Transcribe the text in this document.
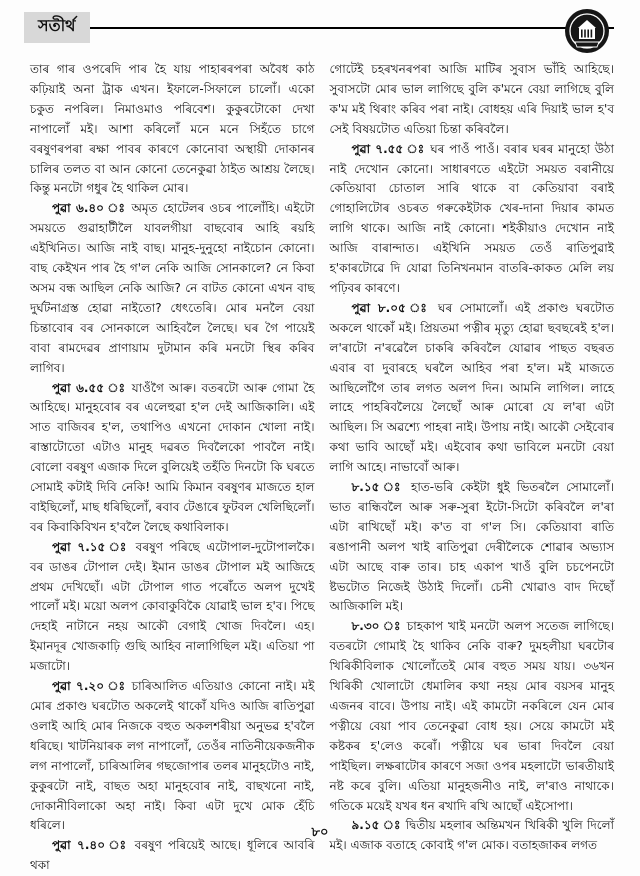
সতীৰ্থ

তাৰ গাৰ ওপৰেদি পাৰ হৈ যায় পাহাৰৰপৰা অবৈধ কাঠ কঢ়িয়াই অনা ট্ৰাক এখন। ইফালে-সিফালে চালোঁ। একো চকুত নপৰিল। নিমাওমাও পৰিবেশ। কুকুৰটোকো দেখা নাপালোঁ মই। আশা কৰিলোঁ মনে মনে সিহঁতে চাগে বৰষুণৰপৰা ৰক্ষা পাবৰ কাৰণে কোনোবা অস্থায়ী দোকানৰ চালিৰ তলত বা আন কোনো তেনেকুৱা ঠাইত আশ্ৰয় লৈছে। কিন্তু মনটো গধুৰ হৈ থাকিল মোৰ।

পুৱা ৬.৪০ ঃ অমৃত হোটেলৰ ওচৰ পালোঁহি। এইটো সময়তে গুৱাহাটীলৈ যাবলগীয়া বাছবোৰ আহি ৰয়হি এইখিনিত। আজি নাই বাছ। মানুহ-দুনুহো নাইচোন কোনো। বাছ কেইখন পাৰ হৈ গ'ল নেকি আজি সোনকালে? নে কিবা অসম বন্ধ আছিল নেকি আজি? নে বাটত কোনো এখন বাছ দুৰ্ঘটনাগ্ৰস্ত হোৱা নাইতো? ধেৎতেৰি। মোৰ মনলৈ বেয়া চিন্তাবোৰ বৰ সোনকালে আহিবলৈ লৈছে। ঘৰ গৈ পায়েই বাবা ৰামদেৱৰ প্ৰাণায়াম দুটামান কৰি মনটো স্থিৰ কৰিব লাগিব।

পুৱা ৬.৫৫ ঃ যাওঁগৈ আৰু। বতৰটো আৰু গোমা হৈ আহিছে। মানুহবোৰ বৰ এলেহুৱা হ'ল দেই আজিকালি। এই সাত বাজিবৰ হ'ল, তথাপিও এখনো দোকান খোলা নাই। ৰাস্তাটোতো এটাও মানুহ দৱৰত দিবলৈকো পাবলৈ নাই। বোলো বৰষুণ এজাক দিলে বুলিয়েই তহঁতি দিনটো কি ঘৰতে সোমাই কটাই দিবি নেকি! আমি কিমান বৰষুণৰ মাজতে হাল বাইছিলোঁ, মাছ ধৰিছিলোঁ, ৰবাব টেঙাৰে ফুটবল খেলিছিলোঁ। বৰ কিবাকিবিখন হ'বলৈ লৈছে কথাবিলাক।

পুৱা ৭.১৫ ঃ বৰষুণ পৰিছে এটোপাল-দুটোপালকৈ। বৰ ডাঙৰ টোপাল দেই। ইমান ডাঙৰ টোপাল মই আজিহে প্ৰথম দেখিছোঁ। এটা টোপাল গাত পৰোঁতে অলপ দুখেই পালোঁ মই। ময়ো অলপ কোবাকুবিকৈ যোৱাই ভাল হ'ব। পিছে দেহাই নাটানে নহয় আকৌ বেগাই খোজ দিবলৈ। এহ। ইমানদূৰ খোজকাঢ়ি গুছি আহিব নালাগিছিল মই। এতিয়া পা মজাটো।

পুৱা ৭.২০ ঃ চাৰিআলিত এতিয়াও কোনো নাই। মই মোৰ প্ৰকাণ্ড ঘৰটোত অকলেই থাকোঁ যদিও আজি ৰাতিপুৱা ওলাই আহি মোৰ নিজকে বহুত অকলশৰীয়া অনুভৱ হ'বলৈ ধৰিছে। খাটনিয়াৰক লগ নাপালোঁ, তেওঁৰ নাতিনীয়েকজনীক লগ নাপালোঁ, চাৰিআলিৰ গছজোপাৰ তলৰ মানুহটোও নাই, কুকুৰটো নাই, বাছত অহা মানুহবোৰ নাই, বাছখনো নাই, দোকানীবিলাকো অহা নাই। কিবা এটা দুখে মোক হেঁচি ধৰিলে।

পুৱা ৭.৪০ ঃ বৰষুণ পৰিয়েই আছে। ধূলিৰে আবৰি থকা

গোটেই চহৰখনৰপৰা আজি মাটিৰ সুবাস ভাঁহি আহিছে। সুবাসটো মোৰ ভাল লাগিছে বুলি ক'মনে বেয়া লাগিছে বুলি ক'ম মই থিৰাং কৰিব পৰা নাই। বোধহয় এৰি দিয়াই ভাল হ'ব সেই বিষয়টোত এতিয়া চিন্তা কৰিবলৈ।

পুৱা ৭.৫৫ ঃ ঘৰ পাওঁ পাওঁ। বৰাৰ ঘৰৰ মানুহো উঠা নাই দেখোন কোনো। সাধাৰণতে এইটো সময়ত বৰানীয়ে কেতিয়াবা চোতাল সাৰি থাকে বা কেতিয়াবা বৰাই গোহালিটোৰ ওচৰত গৰুকেইটাক খেৰ-দানা দিয়াৰ কামত লাগি থাকে। আজি নাই কোনো। শইকীয়াও দেখোন নাই আজি বাৰান্দাত। এইখিনি সময়ত তেওঁ ৰাতিপুৱাই হ'কাৰটোৱে দি যোৱা তিনিখনমান বাতৰি-কাকত মেলি লয় পঢ়িবৰ কাৰণে।

পুৱা ৮.০৫ ঃ ঘৰ সোমালোঁ। এই প্ৰকাণ্ড ঘৰটোত অকলে থাকোঁ মই। প্ৰিয়তমা পত্নীৰ মৃত্যু হোৱা ছবছৰেই হ'ল। ল'ৰাটো ন'ৰৱেলৈ চাকৰি কৰিবলৈ যোৱাৰ পাছত বছৰত এবাৰ বা দুবাৰহে ঘৰলৈ আহিব পৰা হ'ল। মই মাজতে আছিলোঁগৈ তাৰ লগত অলপ দিন। আমনি লাগিল। লাহে লাহে পাহৰিবলৈয়ে লৈছোঁ আৰু মোৰো যে ল'ৰা এটা আছিল। সি অৱশ্যে পাহৰা নাই। উপায় নাই। আকৌ সেইবোৰ কথা ভাবি আছোঁ মই। এইবোৰ কথা ভাবিলে মনটো বেয়া লাগি আহে। নাভাবোঁ আৰু।

৮.১৫ ঃ হাত-ভৰি কেইটা ধুই ভিতৰলৈ সোমালোঁ। ভাত ৰান্ধিবলৈ আৰু সৰু-সুৰা ইটো-সিটো কৰিবলৈ ল'ৰা এটা ৰাখিছোঁ মই। ক'ত বা গ'ল সি। কেতিয়াবা ৰাতি ৰঙাপানী অলপ খাই ৰাতিপুৱা দেৰীলৈকে শোৱাৰ অভ্যাস এটা আছে বাৰু তাৰ। চাহ একাপ খাওঁ বুলি চচপেনটো ষ্টভটোত নিজেই উঠাই দিলোঁ। চেনী খোৱাও বাদ দিছোঁ আজিকালি মই।

৮.৩০ ঃ চাহকাপ খাই মনটো অলপ সতেজ লাগিছে। বতৰটো গোমাই হৈ থাকিব নেকি বাৰু? দুমহলীয়া ঘৰটোৰ খিৰিকীবিলাক খোলোঁতেই মোৰ বহুত সময় যায়। ৩৬খন খিৰিকী খোলাটো ধেমালিৰ কথা নহয় মোৰ বয়সৰ মানুহ এজনৰ বাবে। উপায় নাই। এই কামটো নকৰিলে যেন মোৰ পত্নীয়ে বেয়া পাব তেনেকুৱা বোধ হয়। সেয়ে কামটো মই কষ্টকৰ হ'লেও কৰোঁ। পত্নীয়ে ঘৰ ভাৰা দিবলৈ বেয়া পাইছিল। লক্ষৰাটোৰ কাৰণে সজা ওপৰ মহলাটো ভাৰতীয়াই নষ্ট কৰে বুলি। এতিয়া মানুহজনীও নাই, ল'ৰাও নাথাকে। গতিকে ময়েই যখৰ ধন ৰখাদি ৰখি আছোঁ এইসোপা।

৯.১৫ ঃ দ্বিতীয় মহলাৰ অন্তিমখন খিৰিকী খুলি দিলোঁ মই। এজাক বতাহে কোবাই গ'ল মোক। বতাহজাকৰ লগত

৮০
